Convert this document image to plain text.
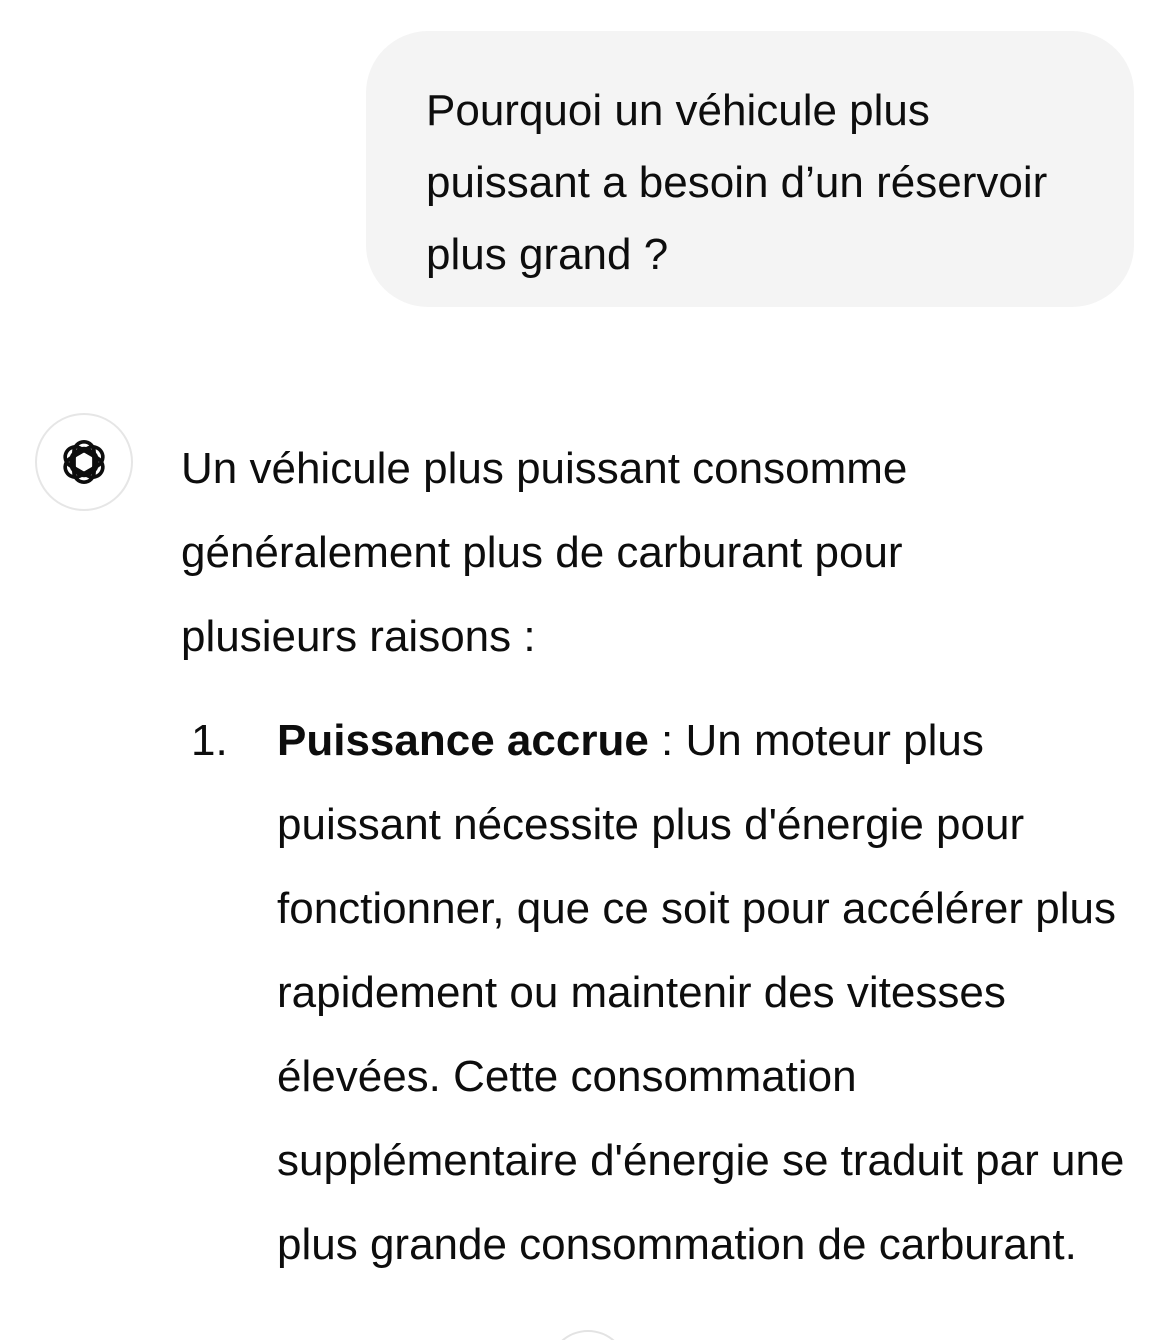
Pourquoi un véhicule plus puissant a besoin d’un réservoir plus grand ?

Un véhicule plus puissant consomme généralement plus de carburant pour plusieurs raisons :

1. Puissance accrue : Un moteur plus puissant nécessite plus d'énergie pour fonctionner, que ce soit pour accélérer plus rapidement ou maintenir des vitesses élevées. Cette consommation supplémentaire d'énergie se traduit par une plus grande consommation de carburant.
